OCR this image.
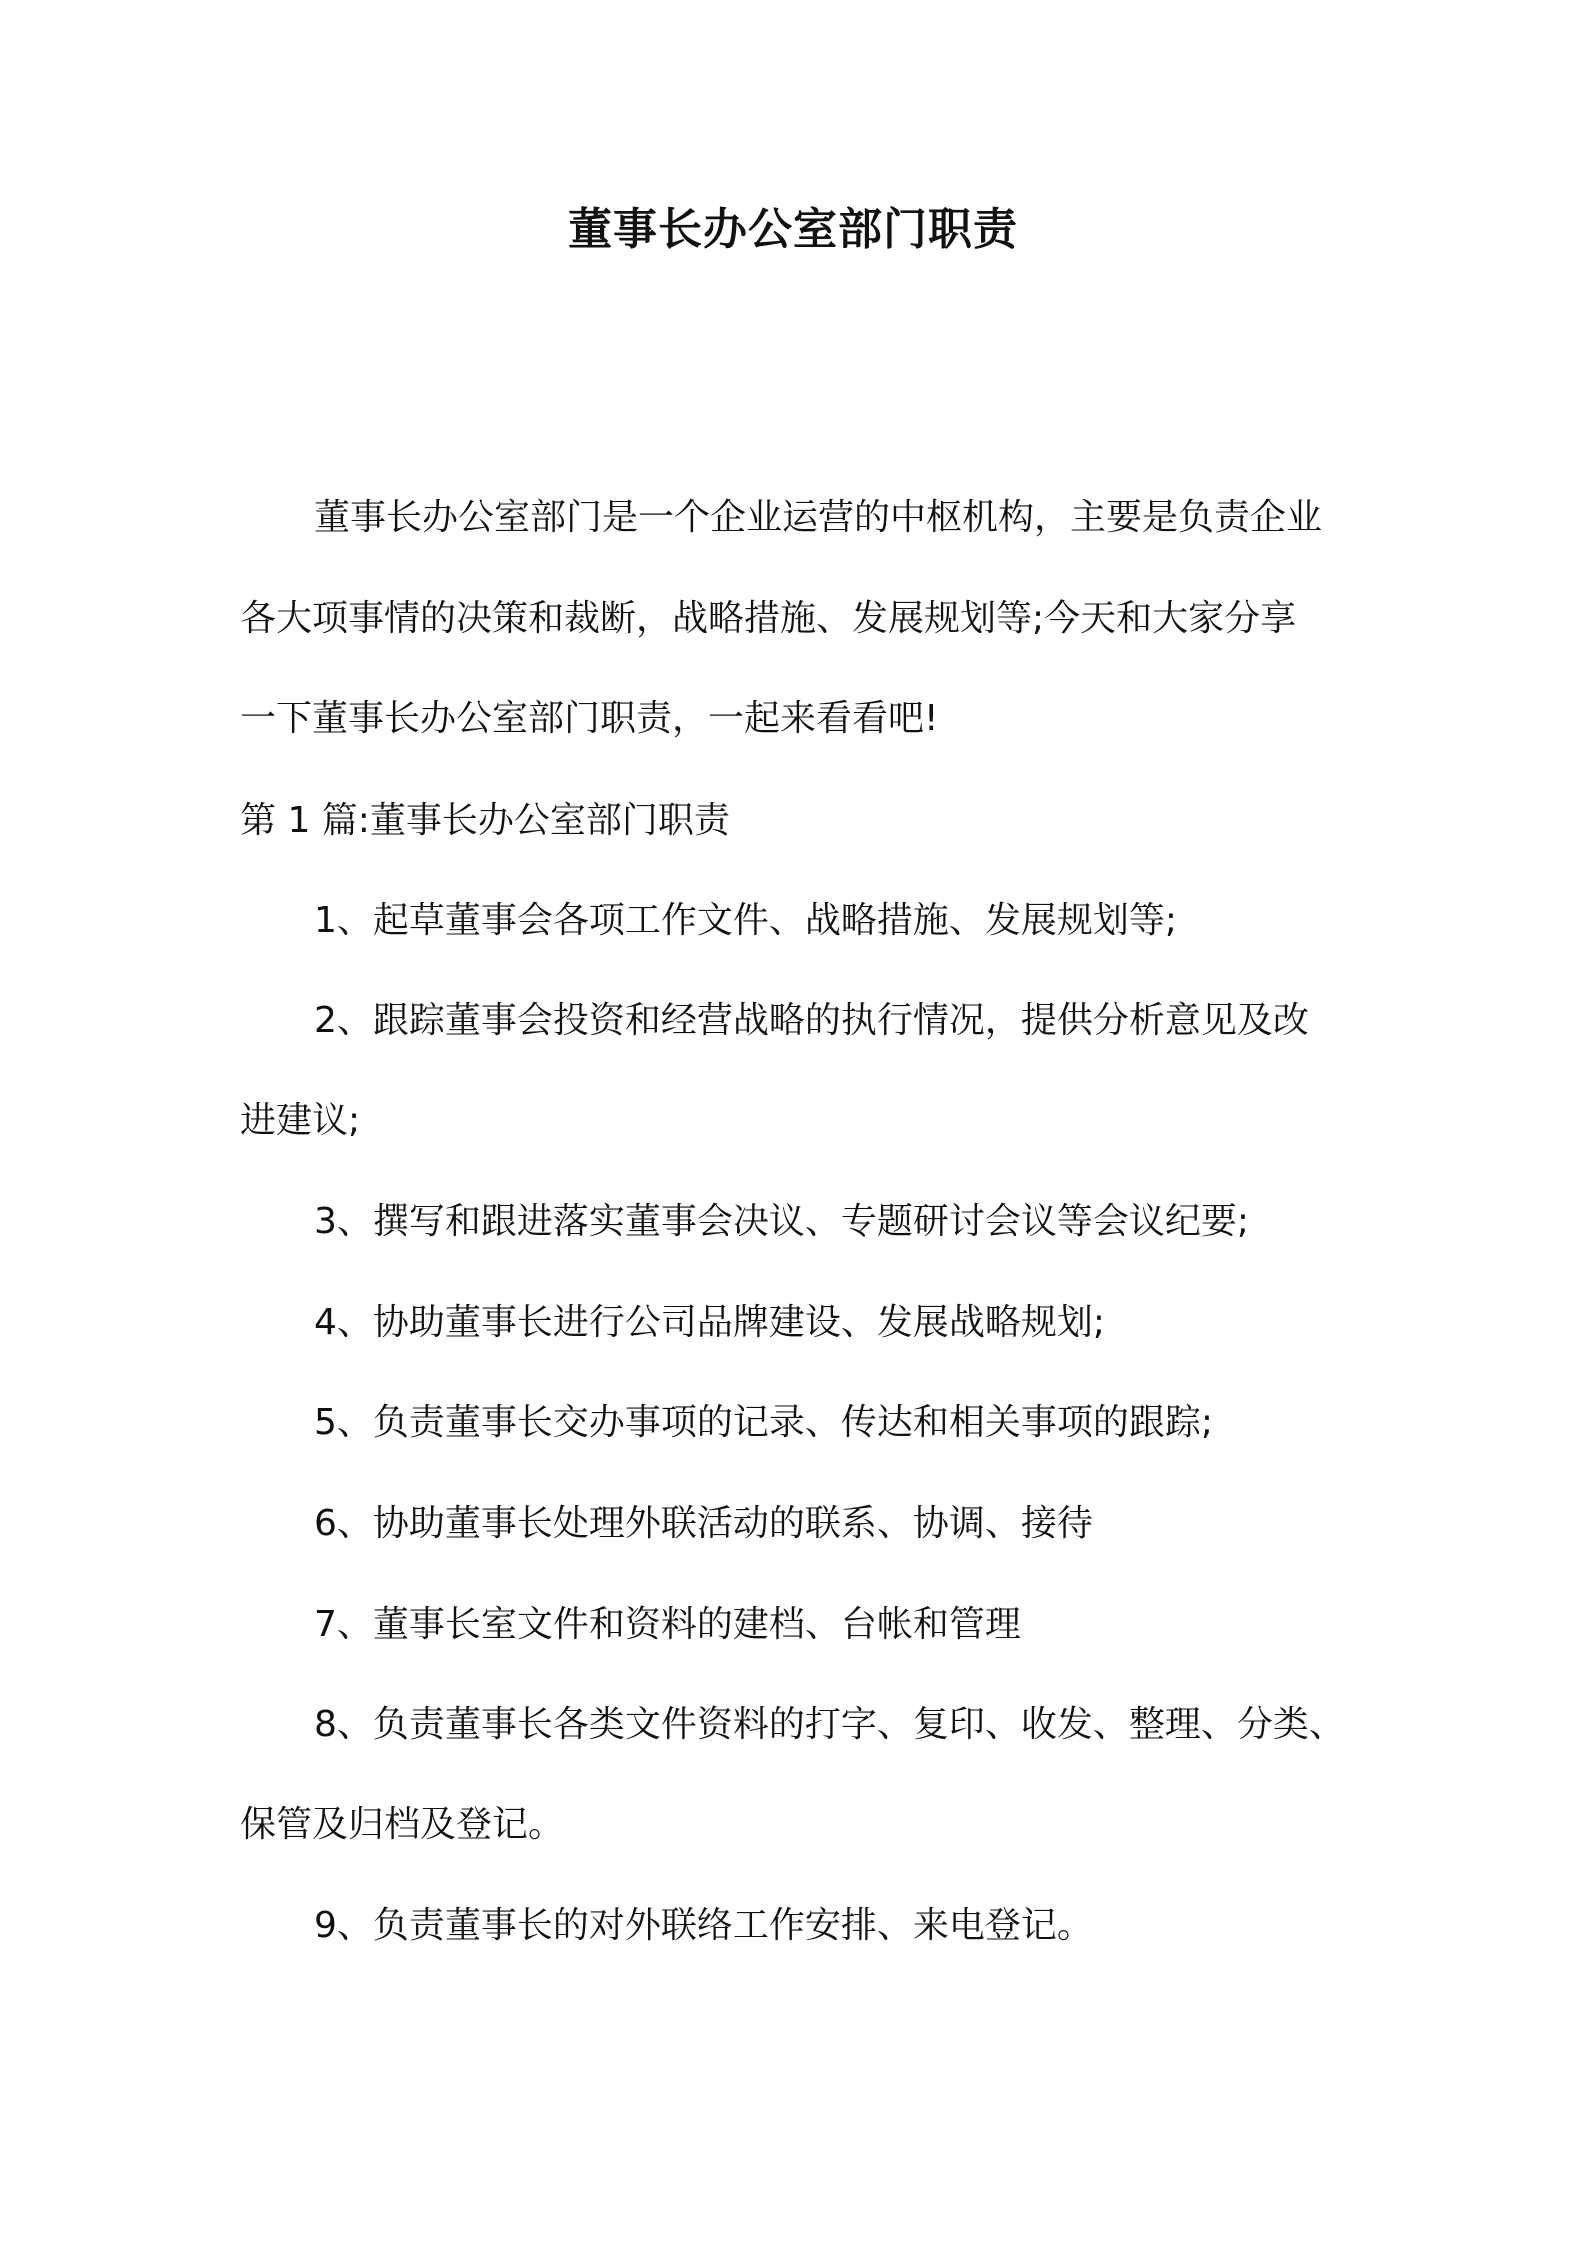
董事长办公室部门职责
董事长办公室部门是一个企业运营的中枢机构，主要是负责企业
各大项事情的决策和裁断，战略措施、发展规划等;今天和大家分享
一下董事长办公室部门职责，一起来看看吧!
第 1 篇:董事长办公室部门职责
1、起草董事会各项工作文件、战略措施、发展规划等;
2、跟踪董事会投资和经营战略的执行情况，提供分析意见及改
进建议;
3、撰写和跟进落实董事会决议、专题研讨会议等会议纪要;
4、协助董事长进行公司品牌建设、发展战略规划;
5、负责董事长交办事项的记录、传达和相关事项的跟踪;
6、协助董事长处理外联活动的联系、协调、接待
7、董事长室文件和资料的建档、台帐和管理
8、负责董事长各类文件资料的打字、复印、收发、整理、分类、
保管及归档及登记。
9、负责董事长的对外联络工作安排、来电登记。
